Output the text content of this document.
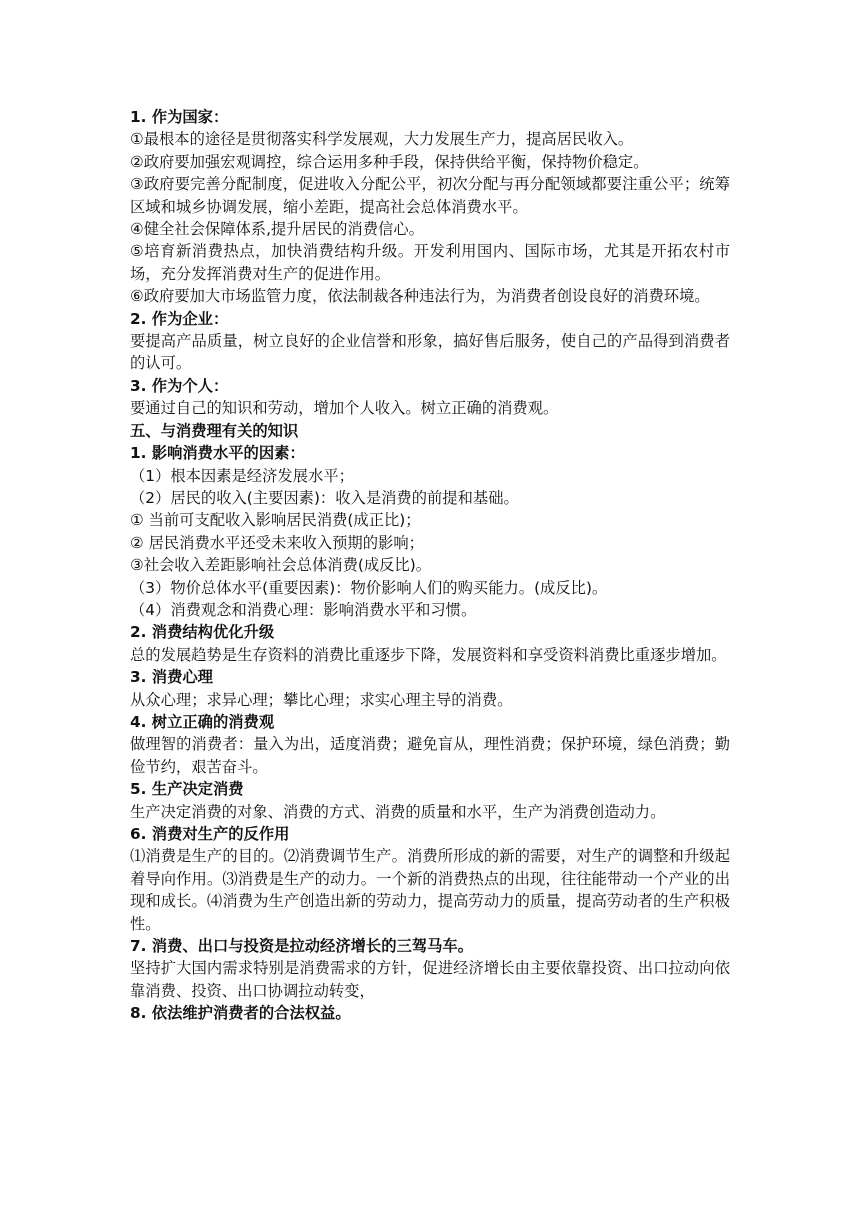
1. 作为国家：

①最根本的途径是贯彻落实科学发展观，大力发展生产力，提高居民收入。

②政府要加强宏观调控，综合运用多种手段，保持供给平衡，保持物价稳定。

③政府要完善分配制度，促进收入分配公平，初次分配与再分配领域都要注重公平；统筹区域和城乡协调发展，缩小差距，提高社会总体消费水平。

④健全社会保障体系,提升居民的消费信心。

⑤培育新消费热点，加快消费结构升级。开发利用国内、国际市场，尤其是开拓农村市场，充分发挥消费对生产的促进作用。

⑥政府要加大市场监管力度，依法制裁各种违法行为，为消费者创设良好的消费环境。

2. 作为企业：

要提高产品质量，树立良好的企业信誉和形象，搞好售后服务，使自己的产品得到消费者的认可。

3. 作为个人：

要通过自己的知识和劳动，增加个人收入。树立正确的消费观。

五、与消费理有关的知识

1. 影响消费水平的因素：

（1）根本因素是经济发展水平；

（2）居民的收入(主要因素)：收入是消费的前提和基础。

① 当前可支配收入影响居民消费(成正比)；

② 居民消费水平还受未来收入预期的影响；

③社会收入差距影响社会总体消费(成反比)。

（3）物价总体水平(重要因素)：物价影响人们的购买能力。(成反比)。

（4）消费观念和消费心理：影响消费水平和习惯。

2. 消费结构优化升级

总的发展趋势是生存资料的消费比重逐步下降，发展资料和享受资料消费比重逐步增加。

3. 消费心理

从众心理；求异心理；攀比心理；求实心理主导的消费。

4. 树立正确的消费观

做理智的消费者：量入为出，适度消费；避免盲从，理性消费；保护环境，绿色消费；勤俭节约，艰苦奋斗。

5. 生产决定消费

生产决定消费的对象、消费的方式、消费的质量和水平，生产为消费创造动力。

6. 消费对生产的反作用

⑴消费是生产的目的。⑵消费调节生产。消费所形成的新的需要，对生产的调整和升级起着导向作用。⑶消费是生产的动力。一个新的消费热点的出现，往往能带动一个产业的出现和成长。⑷消费为生产创造出新的劳动力，提高劳动力的质量，提高劳动者的生产积极性。

7. 消费、出口与投资是拉动经济增长的三驾马车。

坚持扩大国内需求特别是消费需求的方针，促进经济增长由主要依靠投资、出口拉动向依靠消费、投资、出口协调拉动转变，

8. 依法维护消费者的合法权益。
